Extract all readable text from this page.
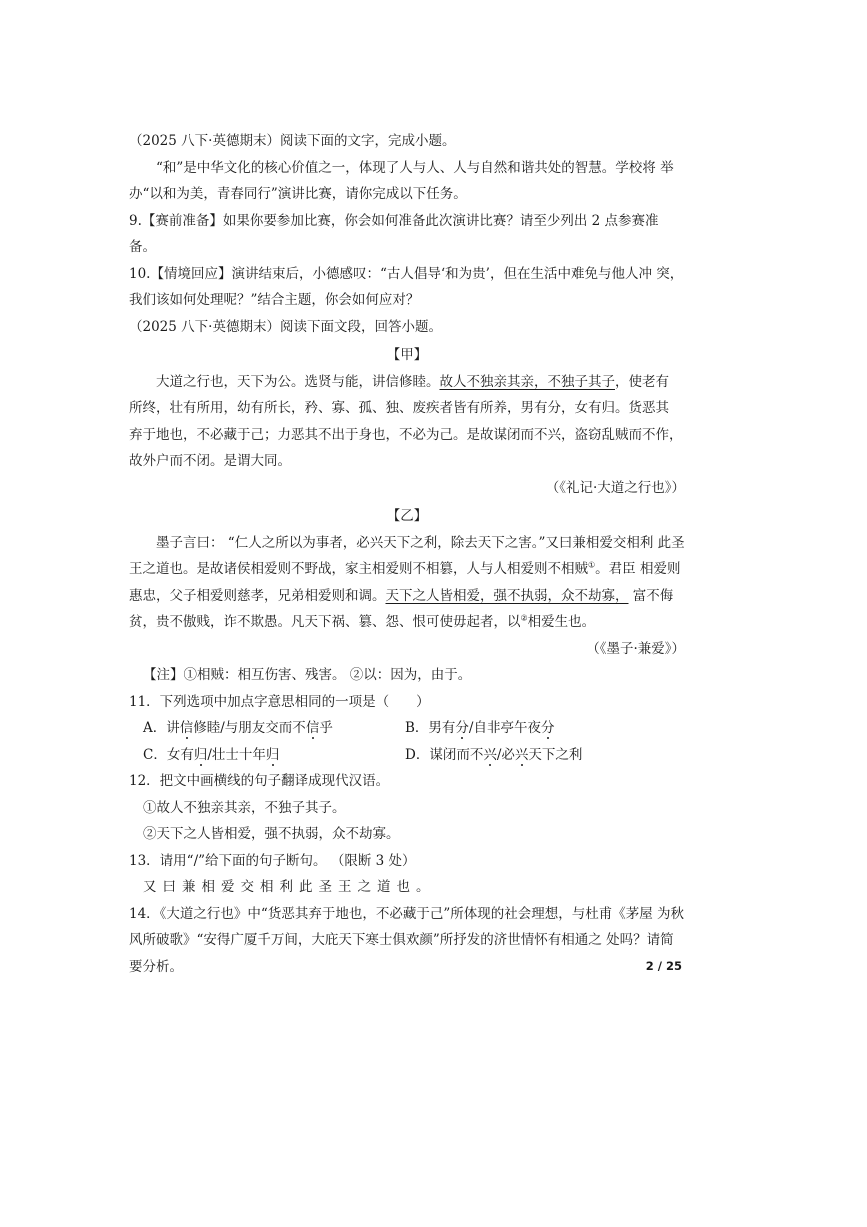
（2025 八下·英德期末）阅读下面的文字，完成小题。

“和”是中华文化的核心价值之一，体现了人与人、人与自然和谐共处的智慧。学校将 举办“以和为美，青春同行”演讲比赛，请你完成以下任务。

9.【赛前准备】如果你要参加比赛，你会如何准备此次演讲比赛？请至少列出 2 点参赛准备。

10.【情境回应】演讲结束后，小德感叹：“古人倡导‘和为贵’，但在生活中难免与他人冲 突，我们该如何处理呢？”结合主题，你会如何应对？

（2025 八下·英德期末）阅读下面文段，回答小题。

【甲】

大道之行也，天下为公。选贤与能，讲信修睦。故人不独亲其亲，不独子其子，使老有 所终，壮有所用，幼有所长，矜、寡、孤、独、废疾者皆有所养，男有分，女有归。货恶其 弃于地也，不必藏于己；力恶其不出于身也，不必为己。是故谋闭而不兴，盗窃乱贼而不作， 故外户而不闭。是谓大同。

（《礼记·大道之行也》）

【乙】

墨子言曰： “仁人之所以为事者，必兴天下之利，除去天下之害。”又曰兼相爱交相利 此圣王之道也。是故诸侯相爱则不野战，家主相爱则不相篡，人与人相爱则不相贼①。君臣 相爱则惠忠，父子相爱则慈孝，兄弟相爱则和调。天下之人皆相爱，强不执弱，众不劫寡， 富不侮贫，贵不傲贱，诈不欺愚。凡天下祸、篡、怨、恨可使毋起者，以②相爱生也。

（《墨子·兼爱》）

【注】①相贼：相互伤害、残害。 ②以：因为，由于。

11．下列选项中加点字意思相同的一项是（　　）

A．讲信修睦/与朋友交而不信乎	B．男有分/自非亭午夜分
C．女有归/壮士十年归	D．谋闭而不兴/必兴天下之利

12．把文中画横线的句子翻译成现代汉语。

①故人不独亲其亲，不独子其子。

②天下之人皆相爱，强不执弱，众不劫寡。

13．请用“/”给下面的句子断句。 （限断 3 处）

又曰兼相爱交相利此圣王之道也。

14．《大道之行也》中“货恶其弃于地也，不必藏于己”所体现的社会理想，与杜甫《茅屋 为秋风所破歌》“安得广厦千万间，大庇天下寒士俱欢颜”所抒发的济世情怀有相通之 处吗？请简要分析。	2 / 25
